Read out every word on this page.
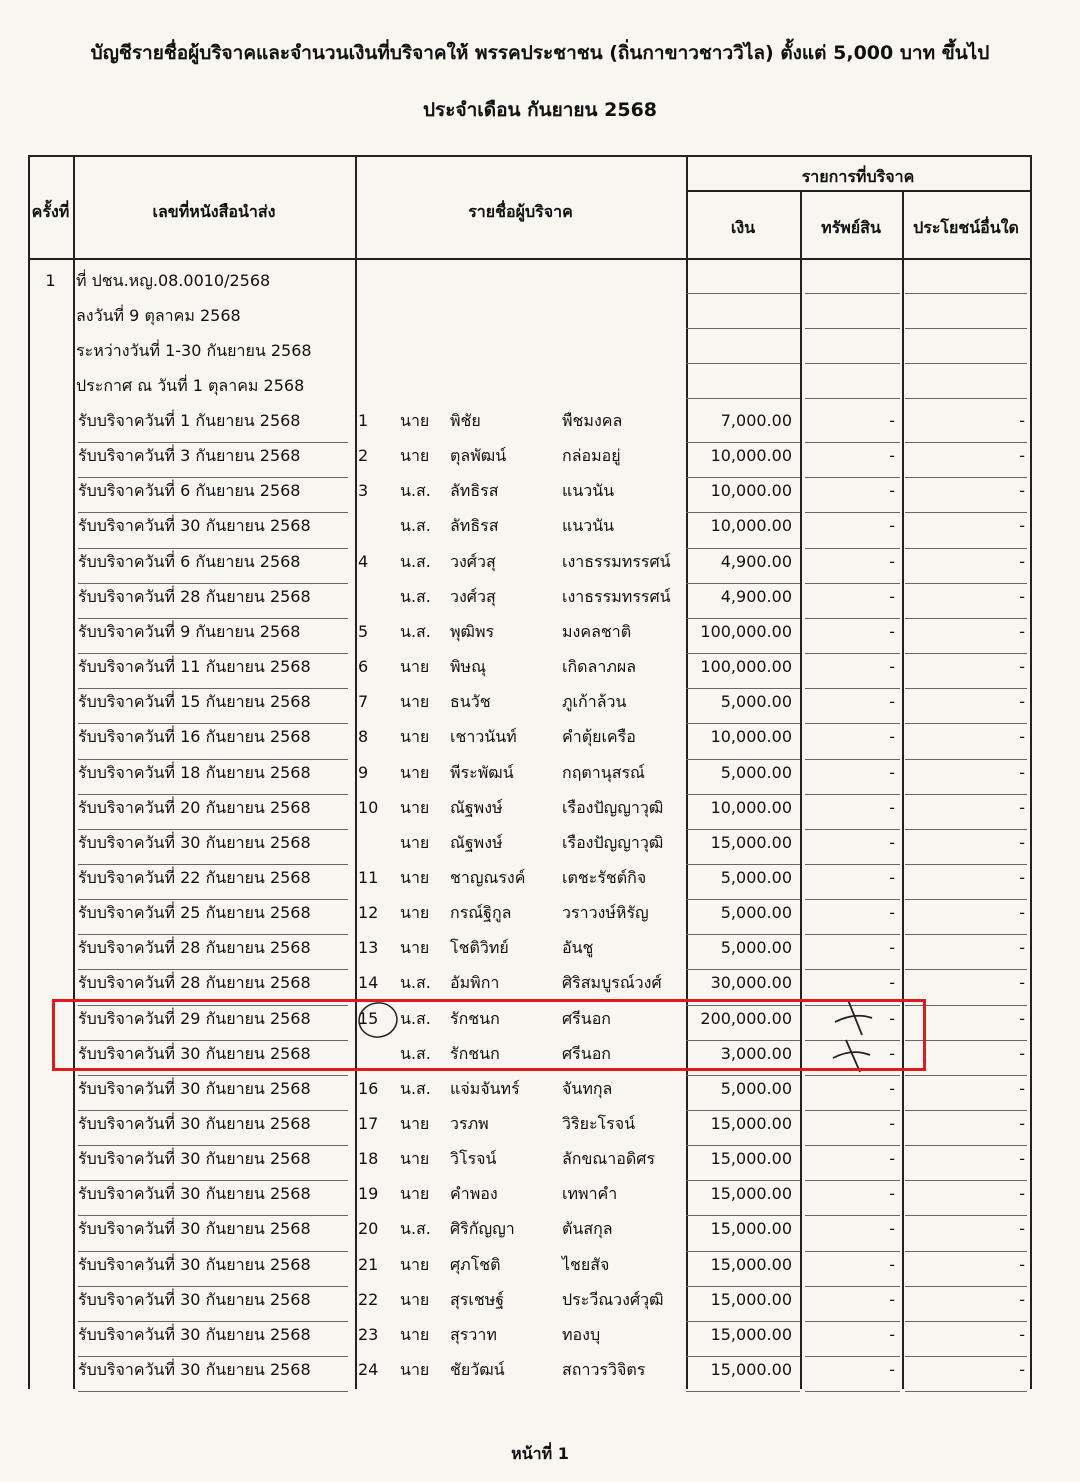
บัญชีรายชื่อผู้บริจาคและจำนวนเงินที่บริจาคให้ พรรคประชาชน (ถิ่นกาขาวชาววิไล) ตั้งแต่ 5,000 บาท ขึ้นไป
ประจำเดือน กันยายน 2568
ครั้งที่	เลขที่หนังสือนำส่ง	รายชื่อผู้บริจาค
รายการที่บริจาค
เงิน	ทรัพย์สิน	ประโยชน์อื่นใด
1	ที่ ปชน.หญ.08.0010/2568
ลงวันที่ 9 ตุลาคม 2568
ระหว่างวันที่ 1-30 กันยายน 2568
ประกาศ ณ วันที่ 1 ตุลาคม 2568
รับบริจาควันที่ 1 กันยายน 2568	1	นาย	พิชัย	พืชมงคล	7,000.00	-	-
รับบริจาควันที่ 3 กันยายน 2568	2	นาย	ตุลพัฒน์	กล่อมอยู่	10,000.00	-	-
รับบริจาควันที่ 6 กันยายน 2568	3	น.ส.	ลัทธิรส	แนวนัน	10,000.00	-	-
รับบริจาควันที่ 30 กันยายน 2568	น.ส.	ลัทธิรส	แนวนัน	10,000.00	-	-
รับบริจาควันที่ 6 กันยายน 2568	4	น.ส.	วงศ์วสุ	เงาธรรมทรรศน์	4,900.00	-	-
รับบริจาควันที่ 28 กันยายน 2568	น.ส.	วงศ์วสุ	เงาธรรมทรรศน์	4,900.00	-	-
รับบริจาควันที่ 9 กันยายน 2568	5	น.ส.	พุฒิพร	มงคลชาติ	100,000.00	-	-
รับบริจาควันที่ 11 กันยายน 2568	6	นาย	พิษณุ	เกิดลาภผล	100,000.00	-	-
รับบริจาควันที่ 15 กันยายน 2568	7	นาย	ธนวัช	ภูเก้าล้วน	5,000.00	-	-
รับบริจาควันที่ 16 กันยายน 2568	8	นาย	เชาวนันท์	คำตุ้ยเครือ	10,000.00	-	-
รับบริจาควันที่ 18 กันยายน 2568	9	นาย	พีระพัฒน์	กฤตานุสรณ์	5,000.00	-	-
รับบริจาควันที่ 20 กันยายน 2568	10	นาย	ณัฐพงษ์	เรืองปัญญาวุฒิ	10,000.00	-	-
รับบริจาควันที่ 30 กันยายน 2568	นาย	ณัฐพงษ์	เรืองปัญญาวุฒิ	15,000.00	-	-
รับบริจาควันที่ 22 กันยายน 2568	11	นาย	ชาญณรงค์	เตชะรัชต์กิจ	5,000.00	-	-
รับบริจาควันที่ 25 กันยายน 2568	12	นาย	กรณ์ฐิกูล	วราวงษ์หิรัญ	5,000.00	-	-
รับบริจาควันที่ 28 กันยายน 2568	13	นาย	โชติวิทย์	อันชู	5,000.00	-	-
รับบริจาควันที่ 28 กันยายน 2568	14	น.ส.	อัมพิกา	ศิริสมบูรณ์วงศ์	30,000.00	-	-
รับบริจาควันที่ 29 กันยายน 2568	15	น.ส.	รักชนก	ศรีนอก	200,000.00	-	-
รับบริจาควันที่ 30 กันยายน 2568	น.ส.	รักชนก	ศรีนอก	3,000.00	-	-
รับบริจาควันที่ 30 กันยายน 2568	16	น.ส.	แจ่มจันทร์	จันทกุล	5,000.00	-	-
รับบริจาควันที่ 30 กันยายน 2568	17	นาย	วรภพ	วิริยะโรจน์	15,000.00	-	-
รับบริจาควันที่ 30 กันยายน 2568	18	นาย	วิโรจน์	ลักขณาอดิศร	15,000.00	-	-
รับบริจาควันที่ 30 กันยายน 2568	19	นาย	คำพอง	เทพาคำ	15,000.00	-	-
รับบริจาควันที่ 30 กันยายน 2568	20	น.ส.	ศิริกัญญา	ตันสกุล	15,000.00	-	-
รับบริจาควันที่ 30 กันยายน 2568	21	นาย	ศุภโชติ	ไชยสัจ	15,000.00	-	-
รับบริจาควันที่ 30 กันยายน 2568	22	นาย	สุรเชษฐ์	ประวีณวงศ์วุฒิ	15,000.00	-	-
รับบริจาควันที่ 30 กันยายน 2568	23	นาย	สุรวาท	ทองบุ	15,000.00	-	-
รับบริจาควันที่ 30 กันยายน 2568	24	นาย	ชัยวัฒน์	สถาวรวิจิตร	15,000.00	-	-
หน้าที่ 1
